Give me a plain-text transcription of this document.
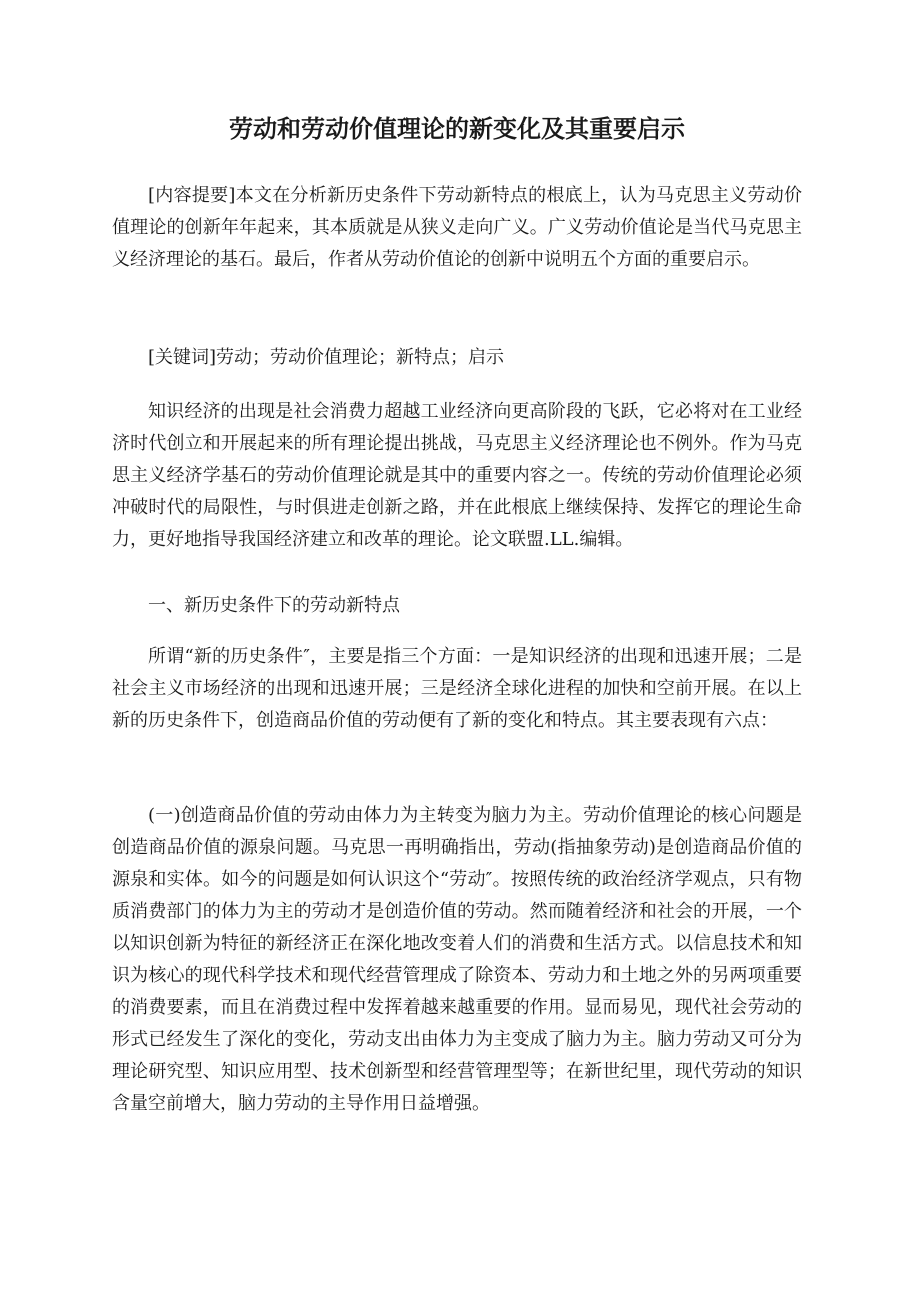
劳动和劳动价值理论的新变化及其重要启示

[内容提要]本文在分析新历史条件下劳动新特点的根底上，认为马克思主义劳动价值理论的创新年年起来，其本质就是从狭义走向广义。广义劳动价值论是当代马克思主义经济理论的基石。最后，作者从劳动价值论的创新中说明五个方面的重要启示。

[关键词]劳动；劳动价值理论；新特点；启示

知识经济的出现是社会消费力超越工业经济向更高阶段的飞跃，它必将对在工业经济时代创立和开展起来的所有理论提出挑战，马克思主义经济理论也不例外。作为马克思主义经济学基石的劳动价值理论就是其中的重要内容之一。传统的劳动价值理论必须冲破时代的局限性，与时俱进走创新之路，并在此根底上继续保持、发挥它的理论生命力，更好地指导我国经济建立和改革的理论。论文联盟.LL.编辑。

一、新历史条件下的劳动新特点

所谓“新的历史条件″，主要是指三个方面：一是知识经济的出现和迅速开展；二是社会主义市场经济的出现和迅速开展；三是经济全球化进程的加快和空前开展。在以上新的历史条件下，创造商品价值的劳动便有了新的变化和特点。其主要表现有六点：

(一)创造商品价值的劳动由体力为主转变为脑力为主。劳动价值理论的核心问题是创造商品价值的源泉问题。马克思一再明确指出，劳动(指抽象劳动)是创造商品价值的源泉和实体。如今的问题是如何认识这个“劳动″。按照传统的政治经济学观点，只有物质消费部门的体力为主的劳动才是创造价值的劳动。然而随着经济和社会的开展，一个以知识创新为特征的新经济正在深化地改变着人们的消费和生活方式。以信息技术和知识为核心的现代科学技术和现代经营管理成了除资本、劳动力和土地之外的另两项重要的消费要素，而且在消费过程中发挥着越来越重要的作用。显而易见，现代社会劳动的形式已经发生了深化的变化，劳动支出由体力为主变成了脑力为主。脑力劳动又可分为理论研究型、知识应用型、技术创新型和经营管理型等；在新世纪里，现代劳动的知识含量空前增大，脑力劳动的主导作用日益增强。
